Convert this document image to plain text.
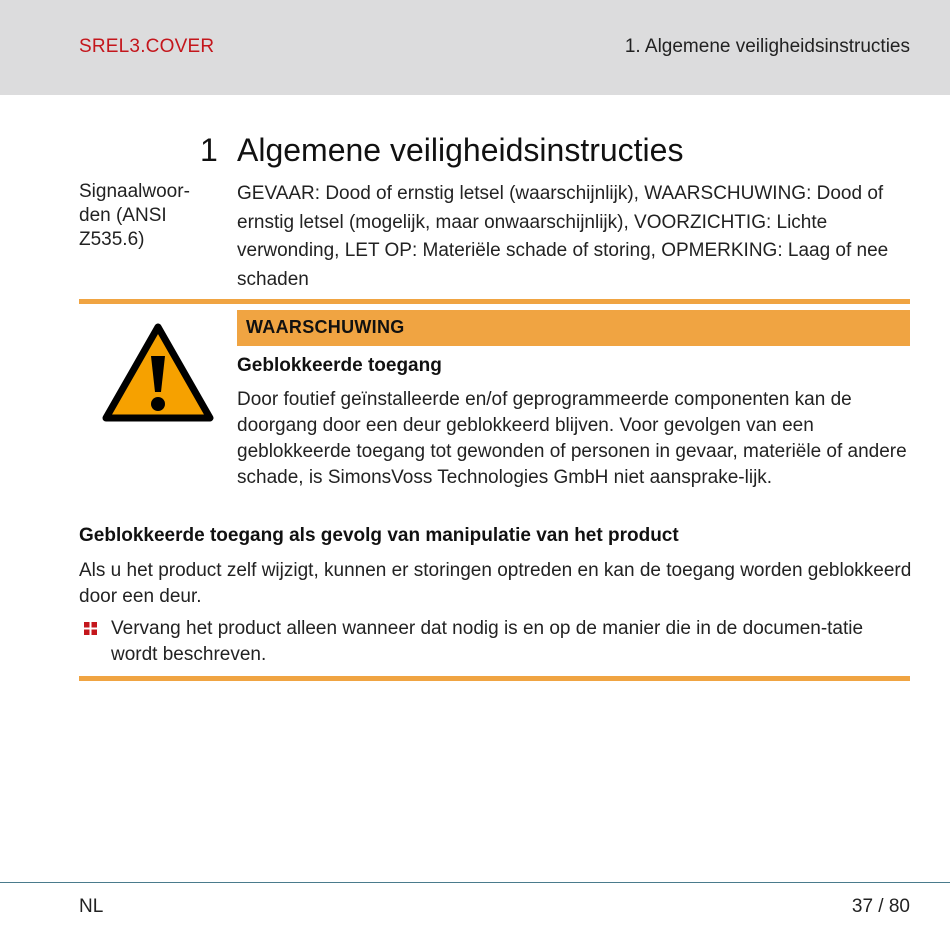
SREL3.COVER	1. Algemene veiligheidsinstructies
1 Algemene veiligheidsinstructies
Signaalwoor-den (ANSI Z535.6)
GEVAAR: Dood of ernstig letsel (waarschijnlijk), WAARSCHUWING: Dood of ernstig letsel (mogelijk, maar onwaarschijnlijk), VOORZICHTIG: Lichte verwonding, LET OP: Materiële schade of storing, OPMERKING: Laag of nee schaden
WAARSCHUWING
Geblokkeerde toegang
Door foutief geïnstalleerde en/of geprogrammeerde componenten kan de doorgang door een deur geblokkeerd blijven. Voor gevolgen van een geblokkeerde toegang tot gewonden of personen in gevaar, materiële of andere schade, is SimonsVoss Technologies GmbH niet aansprake-lijk.
Geblokkeerde toegang als gevolg van manipulatie van het product
Als u het product zelf wijzigt, kunnen er storingen optreden en kan de toegang worden geblokkeerd door een deur.
Vervang het product alleen wanneer dat nodig is en op de manier die in de documen-tatie wordt beschreven.
NL	37 / 80
